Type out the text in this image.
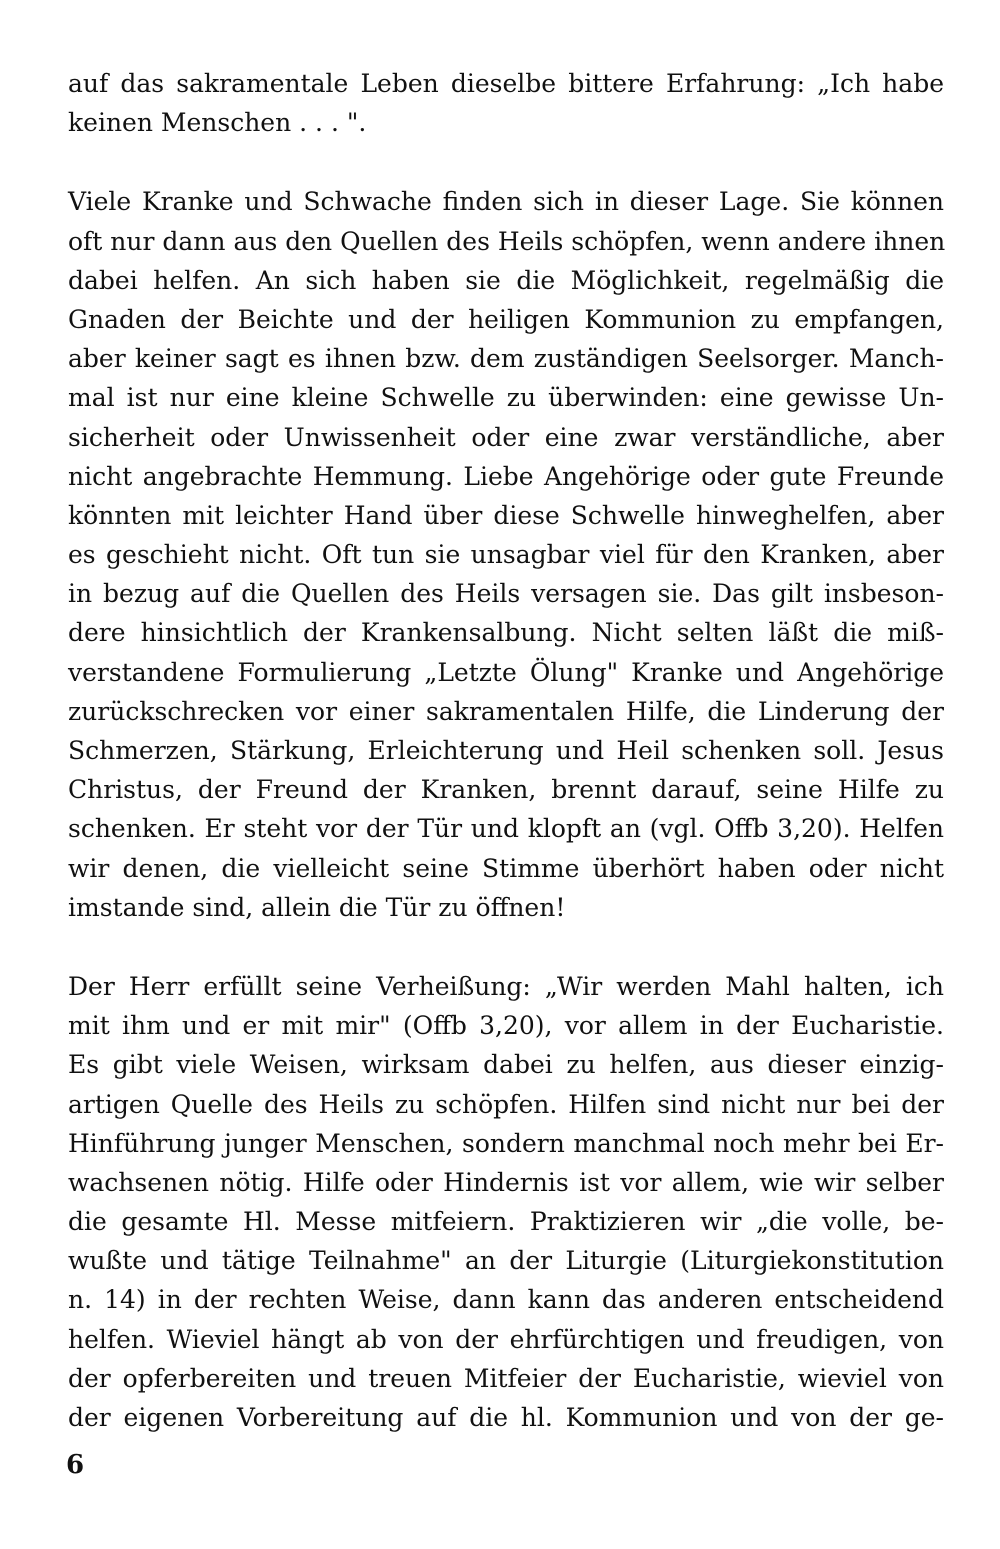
auf das sakramentale Leben dieselbe bittere Erfahrung: „Ich habe
keinen Menschen . . . ".
Viele Kranke und Schwache finden sich in dieser Lage. Sie können
oft nur dann aus den Quellen des Heils schöpfen, wenn andere ihnen
dabei helfen. An sich haben sie die Möglichkeit, regelmäßig die
Gnaden der Beichte und der heiligen Kommunion zu empfangen,
aber keiner sagt es ihnen bzw. dem zuständigen Seelsorger. Manch-
mal ist nur eine kleine Schwelle zu überwinden: eine gewisse Un-
sicherheit oder Unwissenheit oder eine zwar verständliche, aber
nicht angebrachte Hemmung. Liebe Angehörige oder gute Freunde
könnten mit leichter Hand über diese Schwelle hinweghelfen, aber
es geschieht nicht. Oft tun sie unsagbar viel für den Kranken, aber
in bezug auf die Quellen des Heils versagen sie. Das gilt insbeson-
dere hinsichtlich der Krankensalbung. Nicht selten läßt die miß-
verstandene Formulierung „Letzte Ölung" Kranke und Angehörige
zurückschrecken vor einer sakramentalen Hilfe, die Linderung der
Schmerzen, Stärkung, Erleichterung und Heil schenken soll. Jesus
Christus, der Freund der Kranken, brennt darauf, seine Hilfe zu
schenken. Er steht vor der Tür und klopft an (vgl. Offb 3,20). Helfen
wir denen, die vielleicht seine Stimme überhört haben oder nicht
imstande sind, allein die Tür zu öffnen!
Der Herr erfüllt seine Verheißung: „Wir werden Mahl halten, ich
mit ihm und er mit mir" (Offb 3,20), vor allem in der Eucharistie.
Es gibt viele Weisen, wirksam dabei zu helfen, aus dieser einzig-
artigen Quelle des Heils zu schöpfen. Hilfen sind nicht nur bei der
Hinführung junger Menschen, sondern manchmal noch mehr bei Er-
wachsenen nötig. Hilfe oder Hindernis ist vor allem, wie wir selber
die gesamte Hl. Messe mitfeiern. Praktizieren wir „die volle, be-
wußte und tätige Teilnahme" an der Liturgie (Liturgiekonstitution
n. 14) in der rechten Weise, dann kann das anderen entscheidend
helfen. Wieviel hängt ab von der ehrfürchtigen und freudigen, von
der opferbereiten und treuen Mitfeier der Eucharistie, wieviel von
der eigenen Vorbereitung auf die hl. Kommunion und von der ge-
6
